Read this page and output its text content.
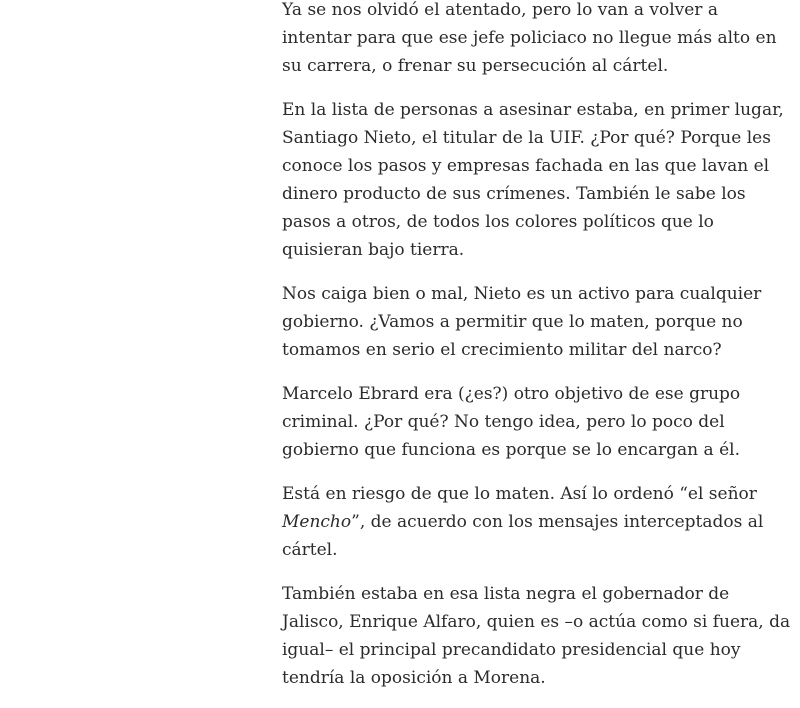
Ya se nos olvidó el atentado, pero lo van a volver a intentar para que ese jefe policiaco no llegue más alto en su carrera, o frenar su persecución al cártel.

En la lista de personas a asesinar estaba, en primer lugar, Santiago Nieto, el titular de la UIF. ¿Por qué? Porque les conoce los pasos y empresas fachada en las que lavan el dinero producto de sus crímenes. También le sabe los pasos a otros, de todos los colores políticos que lo quisieran bajo tierra.

Nos caiga bien o mal, Nieto es un activo para cualquier gobierno. ¿Vamos a permitir que lo maten, porque no tomamos en serio el crecimiento militar del narco?

Marcelo Ebrard era (¿es?) otro objetivo de ese grupo criminal. ¿Por qué? No tengo idea, pero lo poco del gobierno que funciona es porque se lo encargan a él.

Está en riesgo de que lo maten. Así lo ordenó “el señor Mencho”, de acuerdo con los mensajes interceptados al cártel.

También estaba en esa lista negra el gobernador de Jalisco, Enrique Alfaro, quien es –o actúa como si fuera, da igual– el principal precandidato presidencial que hoy tendría la oposición a Morena.
